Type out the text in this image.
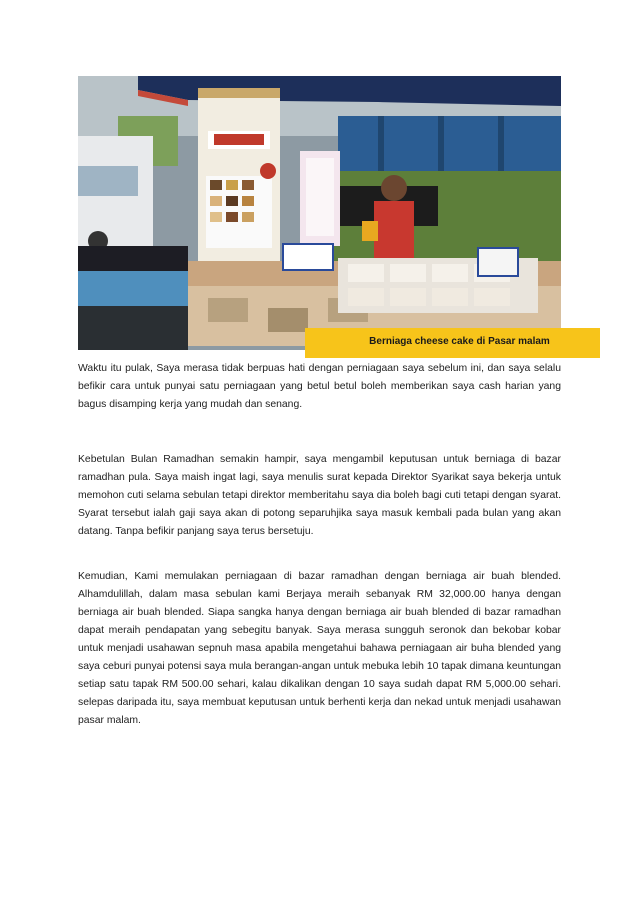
Berniaga cheese cake di Pasar malam

Waktu itu pulak, Saya merasa tidak berpuas hati dengan perniagaan saya sebelum ini, dan saya selalu befikir cara untuk punyai satu perniagaan yang betul betul boleh memberikan saya cash harian yang bagus disamping kerja yang mudah dan senang.

Kebetulan Bulan Ramadhan semakin hampir, saya mengambil keputusan untuk berniaga di bazar ramadhan pula. Saya maish ingat lagi, saya menulis surat kepada Direktor Syarikat saya bekerja untuk memohon cuti selama sebulan tetapi direktor memberitahu saya dia boleh bagi cuti tetapi dengan syarat. Syarat tersebut ialah gaji saya akan di potong separuhjika saya masuk kembali pada bulan yang akan datang. Tanpa befikir panjang saya terus bersetuju.

Kemudian, Kami memulakan perniagaan di bazar ramadhan dengan berniaga air buah blended. Alhamdulillah, dalam masa sebulan kami Berjaya meraih sebanyak RM 32,000.00 hanya dengan berniaga air buah blended. Siapa sangka hanya dengan berniaga air buah blended di bazar ramadhan dapat meraih pendapatan yang sebegitu banyak. Saya merasa sungguh seronok dan bekobar kobar untuk menjadi usahawan sepnuh masa apabila mengetahui bahawa perniagaan air buha blended yang saya ceburi punyai potensi saya mula berangan-angan untuk mebuka lebih 10 tapak dimana keuntungan setiap satu tapak RM 500.00 sehari, kalau dikalikan dengan 10 saya sudah dapat RM 5,000.00 sehari. selepas daripada itu, saya membuat keputusan untuk berhenti kerja dan nekad untuk menjadi usahawan pasar malam.
